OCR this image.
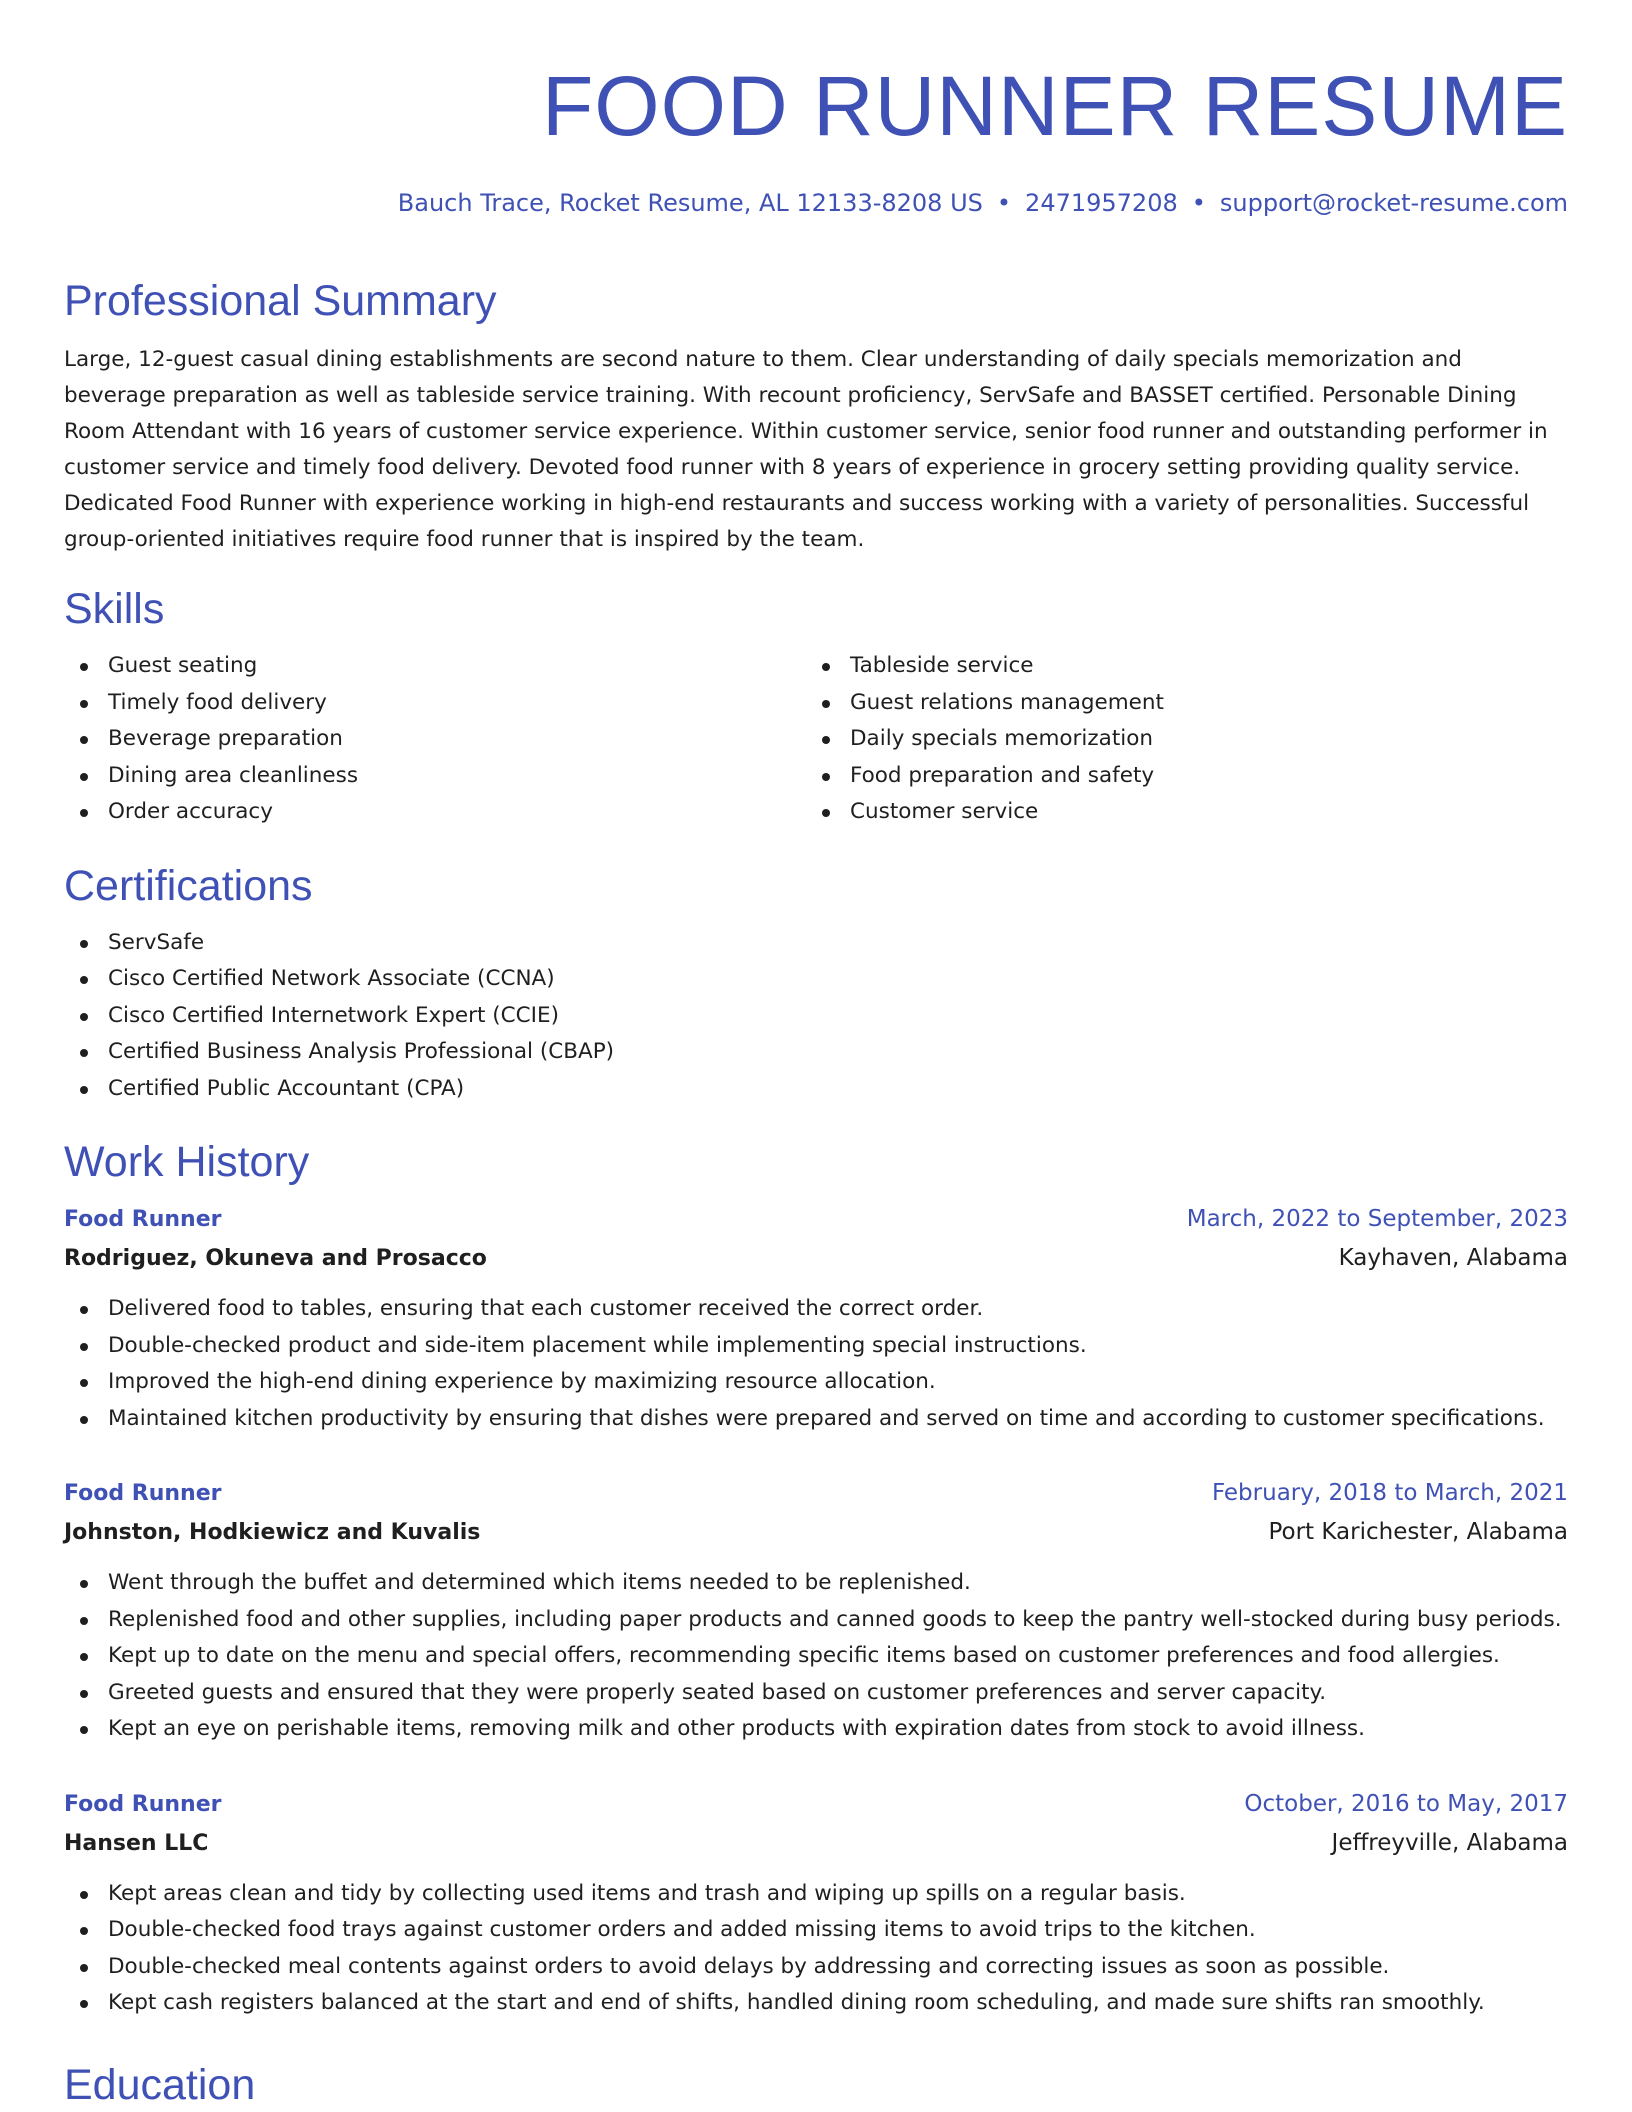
FOOD RUNNER RESUME
Bauch Trace, Rocket Resume, AL 12133-8208 US • 2471957208 • support@rocket-resume.com
Professional Summary

Large, 12-guest casual dining establishments are second nature to them. Clear understanding of daily specials memorization and beverage preparation as well as tableside service training. With recount proficiency, ServSafe and BASSET certified. Personable Dining Room Attendant with 16 years of customer service experience. Within customer service, senior food runner and outstanding performer in customer service and timely food delivery. Devoted food runner with 8 years of experience in grocery setting providing quality service. Dedicated Food Runner with experience working in high-end restaurants and success working with a variety of personalities. Successful group-oriented initiatives require food runner that is inspired by the team.

Skills
Guest seating
Timely food delivery
Beverage preparation
Dining area cleanliness
Order accuracy
Tableside service
Guest relations management
Daily specials memorization
Food preparation and safety
Customer service
Certifications
ServSafe
Cisco Certified Network Associate (CCNA)
Cisco Certified Internetwork Expert (CCIE)
Certified Business Analysis Professional (CBAP)
Certified Public Accountant (CPA)
Work History
Food Runner	March, 2022 to September, 2023
Rodriguez, Okuneva and Prosacco	Kayhaven, Alabama
Delivered food to tables, ensuring that each customer received the correct order.
Double-checked product and side-item placement while implementing special instructions.
Improved the high-end dining experience by maximizing resource allocation.
Maintained kitchen productivity by ensuring that dishes were prepared and served on time and according to customer specifications.
Food Runner	February, 2018 to March, 2021
Johnston, Hodkiewicz and Kuvalis	Port Karichester, Alabama
Went through the buffet and determined which items needed to be replenished.
Replenished food and other supplies, including paper products and canned goods to keep the pantry well-stocked during busy periods.
Kept up to date on the menu and special offers, recommending specific items based on customer preferences and food allergies.
Greeted guests and ensured that they were properly seated based on customer preferences and server capacity.
Kept an eye on perishable items, removing milk and other products with expiration dates from stock to avoid illness.
Food Runner	October, 2016 to May, 2017
Hansen LLC	Jeffreyville, Alabama
Kept areas clean and tidy by collecting used items and trash and wiping up spills on a regular basis.
Double-checked food trays against customer orders and added missing items to avoid trips to the kitchen.
Double-checked meal contents against orders to avoid delays by addressing and correcting issues as soon as possible.
Kept cash registers balanced at the start and end of shifts, handled dining room scheduling, and made sure shifts ran smoothly.
Education
